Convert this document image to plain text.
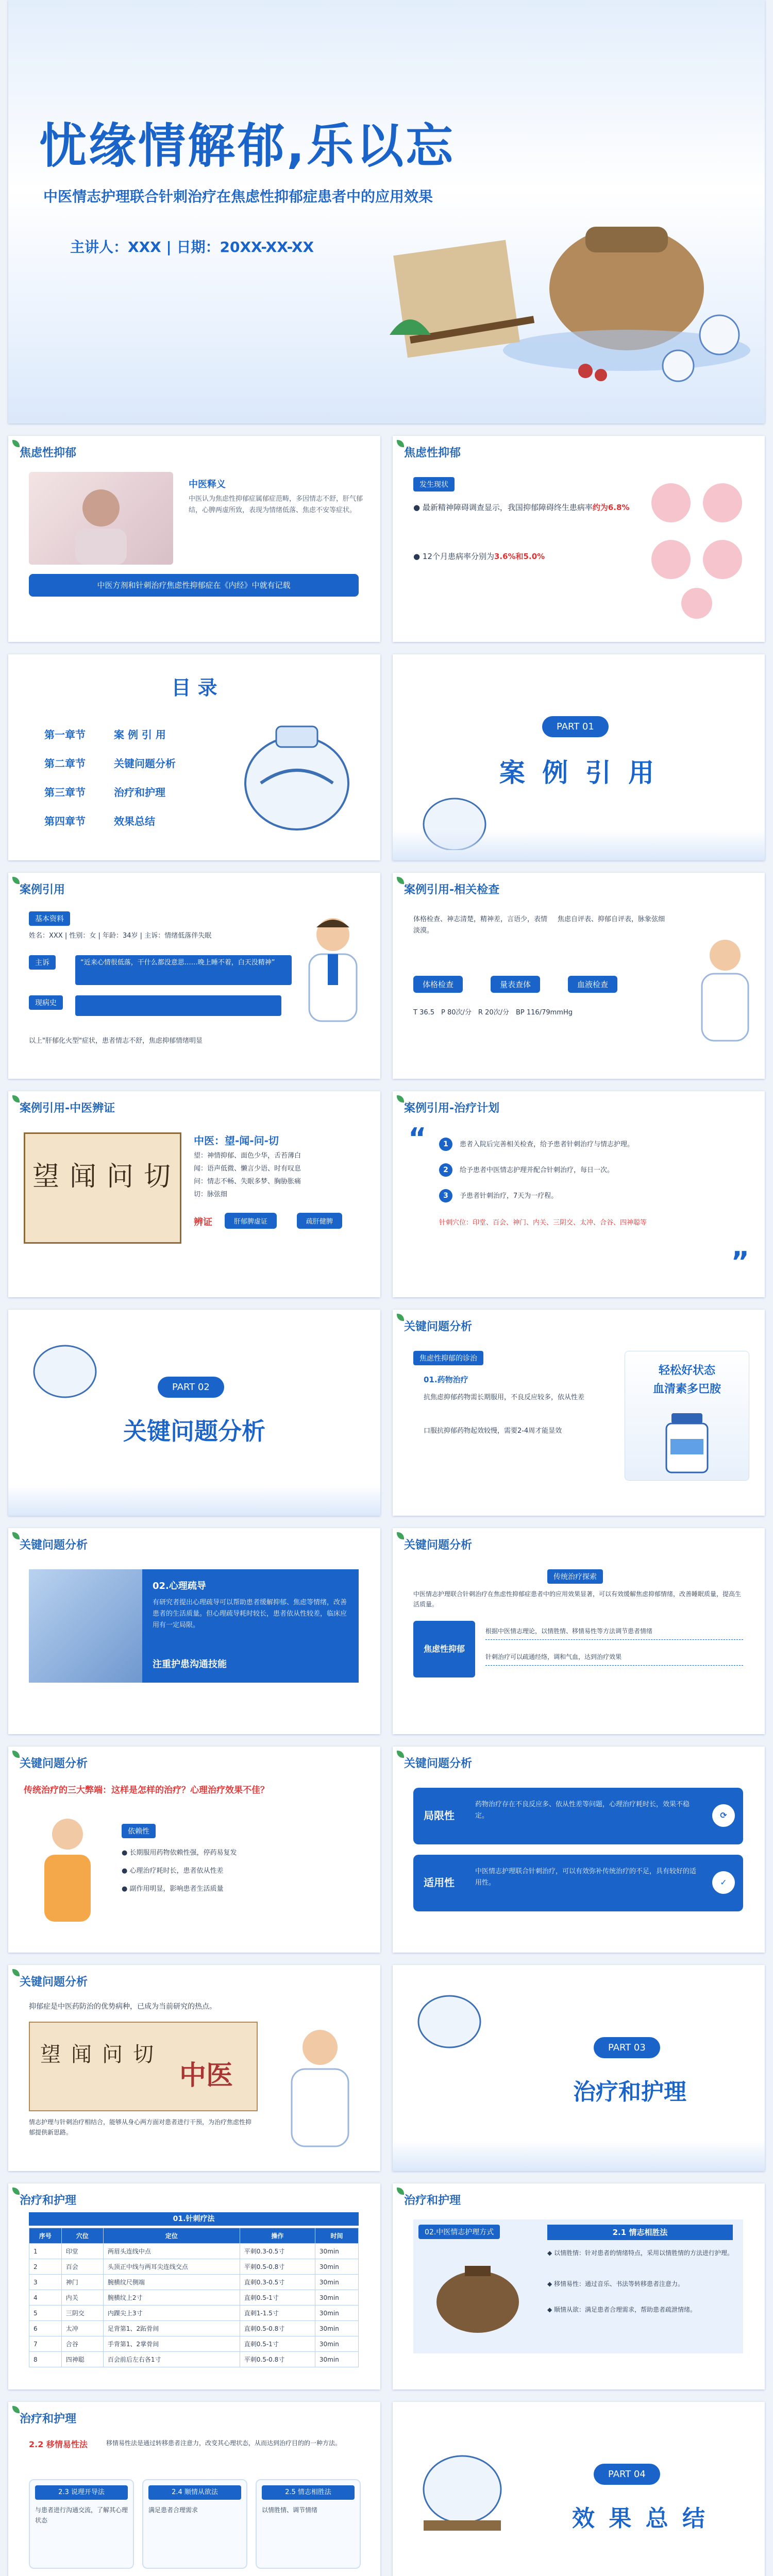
忧缘情解郁,乐以忘
中医情志护理联合针刺治疗在焦虑性抑郁症患者中的应用效果
主讲人：XXX | 日期：20XX-XX-XX
焦虑性抑郁
中医释义
中医认为焦虑性抑郁症属郁症范畴，多因情志不舒，肝气郁结，心脾两虚所致，表现为情绪低落、焦虑不安等症状。
中医方剂和针刺治疗焦虑性抑郁症在《内经》中就有记载
焦虑性抑郁
发生现状
● 最新精神障碍调查显示，我国抑郁障碍终生患病率约为6.8%
● 12个月患病率分别为3.6%和5.0%
目 录
第一章节	案 例 引 用
第二章节	关键问题分析
第三章节	治疗和护理
第四章节	效果总结
PART 01
案 例 引 用
案例引用
基本资料
姓名：XXX | 性别：女 | 年龄：34岁 | 主诉：情绪低落伴失眠
主诉	“近来心情很低落，干什么都没意思……晚上睡不着，白天没精神”
现病史
以上"肝郁化火型"症状，患者情志不舒，焦虑抑郁情绪明显
案例引用-相关检查
体格检查、神志清楚，精神差，言语少，表情淡漠。
焦虑自评表、抑郁自评表，脉象弦细
体格检查	量表查体	血液检查
T 36.5　P 80次/分　R 20次/分　BP 116/79mmHg
案例引用-中医辨证
望 闻 问 切
中医：望-闻-问-切
望：神情抑郁、面色少华，舌苔薄白
闻：语声低微、懒言少语、时有叹息
问：情志不畅、失眠多梦、胸胁胀痛
切：脉弦细
辨证	肝郁脾虚证	疏肝健脾
案例引用-治疗计划
“	1	患者入院后完善相关检查，给予患者针刺治疗与情志护理。
2	给予患者中医情志护理并配合针刺治疗，每日一次。
3	予患者针刺治疗，7天为一疗程。
针刺穴位：印堂、百会、神门、内关、三阴交、太冲、合谷、四神聪等
”
PART 02
关键问题分析
关键问题分析
焦虑性抑郁的诊治
01.药物治疗
抗焦虑抑郁药物需长期服用，不良反应较多，依从性差
口服抗抑郁药物起效较慢，需要2-4周才能显效
轻松好状态
血清素多巴胺
关键问题分析
02.心理疏导
有研究者提出心理疏导可以帮助患者缓解抑郁、焦虑等情绪，改善患者的生活质量。但心理疏导耗时较长，患者依从性较差，临床应用有一定局限。
注重护患沟通技能
关键问题分析
传统治疗探索
中医情志护理联合针刺治疗在焦虑性抑郁症患者中的应用效果显著，可以有效缓解焦虑抑郁情绪，改善睡眠质量，提高生活质量。
焦虑性抑郁
根据中医情志理论，以情胜情、移情易性等方法调节患者情绪
针刺治疗可以疏通经络，调和气血，达到治疗效果
关键问题分析
传统治疗的三大弊端：这样是怎样的治疗？心理治疗效果不佳？
依赖性
● 长期服用药物依赖性强，停药易复发
● 心理治疗耗时长，患者依从性差
● 副作用明显，影响患者生活质量
关键问题分析
局限性
药物治疗存在不良反应多、依从性差等问题，心理治疗耗时长，效果不稳定。	⟳
适用性
中医情志护理联合针刺治疗，可以有效弥补传统治疗的不足，具有较好的适用性。	✓
关键问题分析
抑郁症是中医药防治的优势病种，已成为当前研究的热点。
望 闻 问 切
中医
情志护理与针刺治疗相结合，能够从身心两方面对患者进行干预，为治疗焦虑性抑郁提供新思路。
PART 03
治疗和护理
治疗和护理
01.针刺疗法
序号	穴位	定位	操作	时间
1	印堂	两眉头连线中点	平刺0.3-0.5寸	30min
2	百会	头顶正中线与两耳尖连线交点	平刺0.5-0.8寸	30min
3	神门	腕横纹尺侧端	直刺0.3-0.5寸	30min
4	内关	腕横纹上2寸	直刺0.5-1寸	30min
5	三阴交	内踝尖上3寸	直刺1-1.5寸	30min
6	太冲	足背第1、2跖骨间	直刺0.5-0.8寸	30min
7	合谷	手背第1、2掌骨间	直刺0.5-1寸	30min
8	四神聪	百会前后左右各1寸	平刺0.5-0.8寸	30min
治疗和护理
02.中医情志护理方式	2.1 情志相胜法
◆ 以情胜情：针对患者的情绪特点，采用以情胜情的方法进行护理。
◆ 移情易性：通过音乐、书法等转移患者注意力。
◆ 顺情从欲：满足患者合理需求，帮助患者疏泄情绪。
治疗和护理
2.2 移情易性法	移情易性法是通过转移患者注意力，改变其心理状态，从而达到治疗目的的一种方法。
2.3 说理开导法
与患者进行沟通交流，了解其心理状态
2.4 顺情从欲法
满足患者合理需求
2.5 情志相胜法
以情胜情、调节情绪
PART 04
效 果 总 结
